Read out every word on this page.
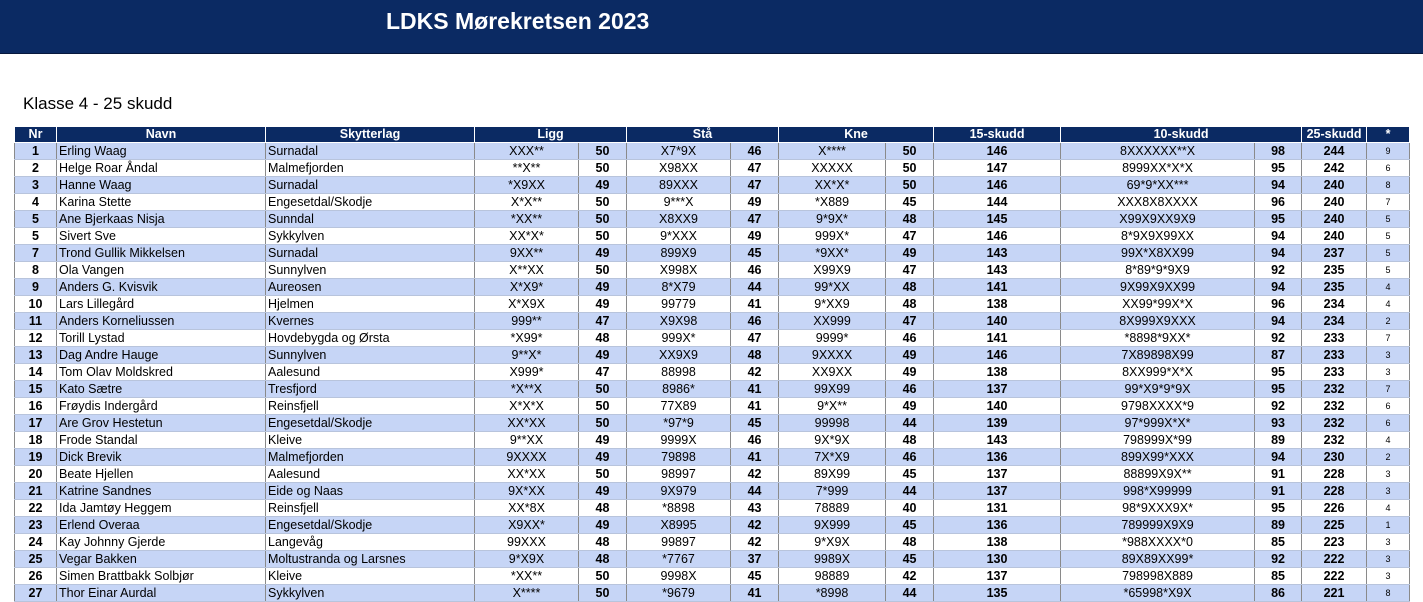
LDKS Mørekretsen 2023
Klasse 4 - 25 skudd
Nr	Navn	Skytterlag	Ligg		Stå		Kne		15-skudd	10-skudd		25-skudd	*
1	Erling Waag	Surnadal	XXX**	50	X7*9X	46	X****	50	146	8XXXXXX**X	98	244	9
2	Helge Roar Åndal	Malmefjorden	**X**	50	X98XX	47	XXXXX	50	147	8999XX*X*X	95	242	6
3	Hanne Waag	Surnadal	*X9XX	49	89XXX	47	XX*X*	50	146	69*9*XX***	94	240	8
4	Karina Stette	Engesetdal/Skodje	X*X**	50	9***X	49	*X889	45	144	XXX8X8XXXX	96	240	7
5	Ane Bjerkaas Nisja	Sunndal	*XX**	50	X8XX9	47	9*9X*	48	145	X99X9XX9X9	95	240	5
5	Sivert Sve	Sykkylven	XX*X*	50	9*XXX	49	999X*	47	146	8*9X9X99XX	94	240	5
7	Trond Gullik Mikkelsen	Surnadal	9XX**	49	899X9	45	*9XX*	49	143	99X*X8XX99	94	237	5
8	Ola Vangen	Sunnylven	X**XX	50	X998X	46	X99X9	47	143	8*89*9*9X9	92	235	5
9	Anders G. Kvisvik	Aureosen	X*X9*	49	8*X79	44	99*XX	48	141	9X99X9XX99	94	235	4
10	Lars Lillegård	Hjelmen	X*X9X	49	99779	41	9*XX9	48	138	XX99*99X*X	96	234	4
11	Anders Korneliussen	Kvernes	999**	47	X9X98	46	XX999	47	140	8X999X9XXX	94	234	2
12	Torill Lystad	Hovdebygda og Ørsta	*X99*	48	999X*	47	9999*	46	141	*8898*9XX*	92	233	7
13	Dag Andre Hauge	Sunnylven	9**X*	49	XX9X9	48	9XXXX	49	146	7X89898X99	87	233	3
14	Tom Olav Moldskred	Aalesund	X999*	47	88998	42	XX9XX	49	138	8XX999*X*X	95	233	3
15	Kato Sætre	Tresfjord	*X**X	50	8986*	41	99X99	46	137	99*X9*9*9X	95	232	7
16	Frøydis Indergård	Reinsfjell	X*X*X	50	77X89	41	9*X**	49	140	9798XXXX*9	92	232	6
17	Are Grov Hestetun	Engesetdal/Skodje	XX*XX	50	*97*9	45	99998	44	139	97*999X*X*	93	232	6
18	Frode Standal	Kleive	9**XX	49	9999X	46	9X*9X	48	143	798999X*99	89	232	4
19	Dick Brevik	Malmefjorden	9XXXX	49	79898	41	7X*X9	46	136	899X99*XXX	94	230	2
20	Beate Hjellen	Aalesund	XX*XX	50	98997	42	89X99	45	137	88899X9X**	91	228	3
21	Katrine Sandnes	Eide og Naas	9X*XX	49	9X979	44	7*999	44	137	998*X99999	91	228	3
22	Ida Jamtøy Heggem	Reinsfjell	XX*8X	48	*8898	43	78889	40	131	98*9XXX9X*	95	226	4
23	Erlend Overaa	Engesetdal/Skodje	X9XX*	49	X8995	42	9X999	45	136	789999X9X9	89	225	1
24	Kay Johnny Gjerde	Langevåg	99XXX	48	99897	42	9*X9X	48	138	*988XXXX*0	85	223	3
25	Vegar Bakken	Moltustranda og Larsnes	9*X9X	48	*7767	37	9989X	45	130	89X89XX99*	92	222	3
26	Simen Brattbakk Solbjør	Kleive	*XX**	50	9998X	45	98889	42	137	798998X889	85	222	3
27	Thor Einar Aurdal	Sykkylven	X****	50	*9679	41	*8998	44	135	*65998*X9X	86	221	8
